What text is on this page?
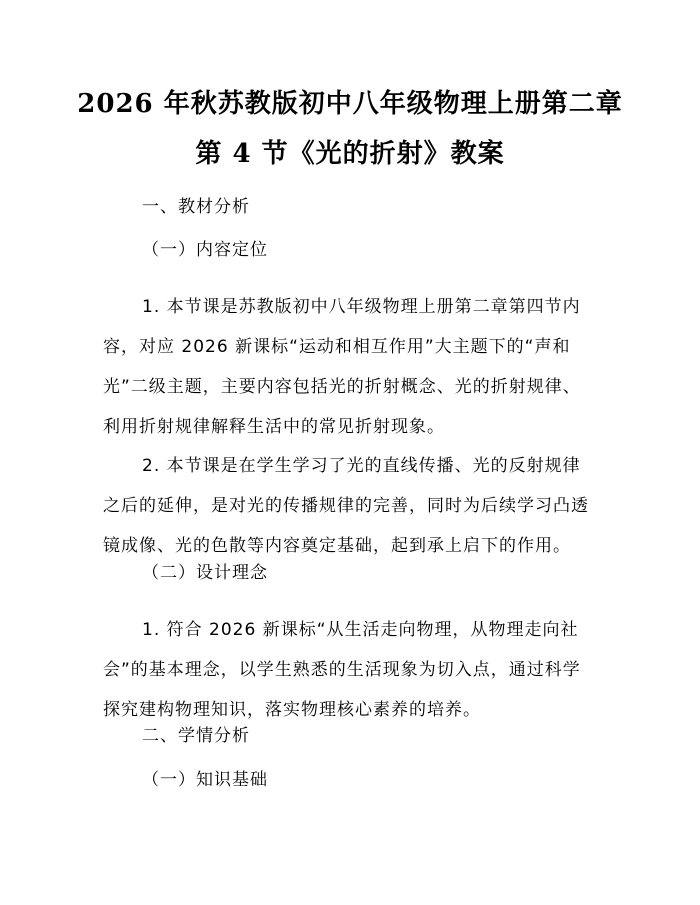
2026 年秋苏教版初中八年级物理上册第二章
第 4 节《光的折射》教案
一、教材分析
（一）内容定位
1. 本节课是苏教版初中八年级物理上册第二章第四节内
容，对应 2026 新课标“运动和相互作用”大主题下的“声和
光”二级主题，主要内容包括光的折射概念、光的折射规律、
利用折射规律解释生活中的常见折射现象。
2. 本节课是在学生学习了光的直线传播、光的反射规律
之后的延伸，是对光的传播规律的完善，同时为后续学习凸透
镜成像、光的色散等内容奠定基础，起到承上启下的作用。
（二）设计理念
1. 符合 2026 新课标“从生活走向物理，从物理走向社
会”的基本理念，以学生熟悉的生活现象为切入点，通过科学
探究建构物理知识，落实物理核心素养的培养。
二、学情分析
（一）知识基础
